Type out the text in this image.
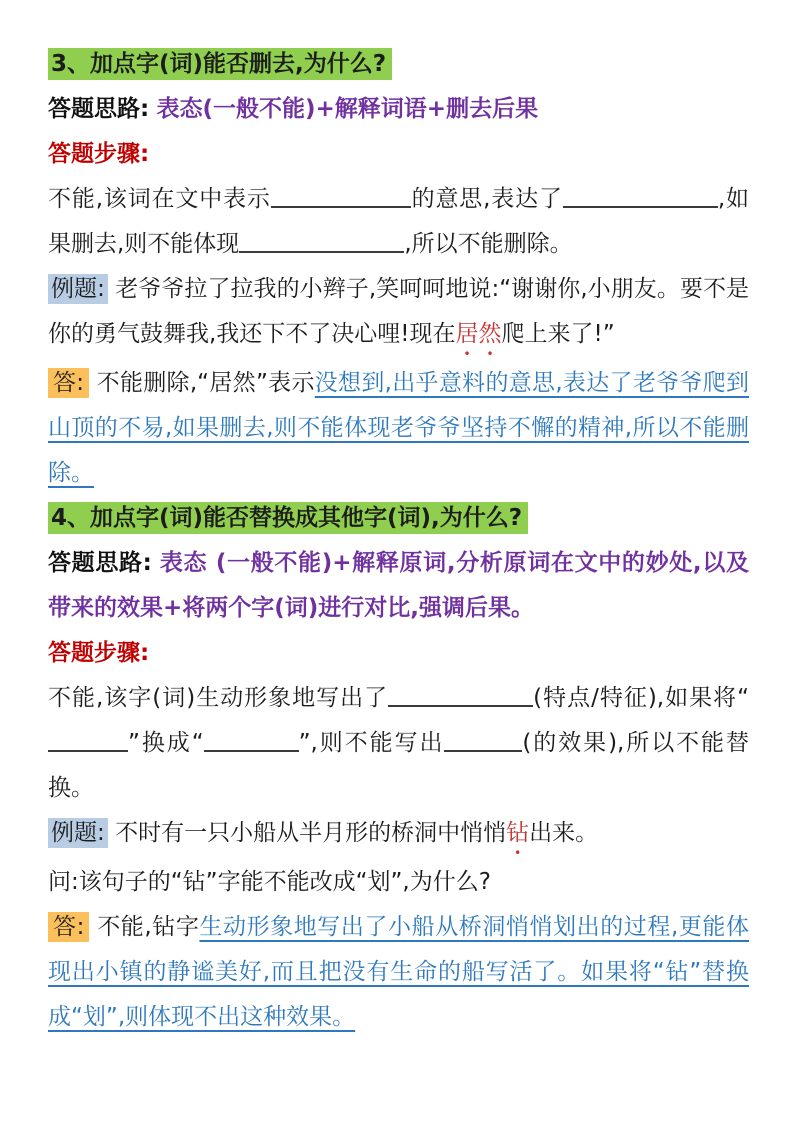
3、加点字(词)能否删去,为什么?

答题思路: 表态(一般不能)+解释词语+删去后果

答题步骤:

不能,该词在文中表示	的意思,表达了	,如果删去,则不能体现	,所以不能删除。

例题: 老爷爷拉了拉我的小辫子,笑呵呵地说:“谢谢你,小朋友。要不是你的勇气鼓舞我,我还下不了决心哩!现在居然爬上来了!”

答: 不能删除,“居然”表示没想到,出乎意料的意思,表达了老爷爷爬到山顶的不易,如果删去,则不能体现老爷爷坚持不懈的精神,所以不能删除。

4、加点字(词)能否替换成其他字(词),为什么?

答题思路: 表态 (一般不能)+解释原词,分析原词在文中的妙处,以及带来的效果+将两个字(词)进行对比,强调后果。

答题步骤:

不能,该字(词)生动形象地写出了	(特点/特征),如果将“”换成“	”,则不能写出	(的效果),所以不能替换。

例题: 不时有一只小船从半月形的桥洞中悄悄钻出来。

问:该句子的“钻”字能不能改成“划”,为什么?

答: 不能,钻字生动形象地写出了小船从桥洞悄悄划出的过程,更能体现出小镇的静谧美好,而且把没有生命的船写活了。如果将“钻”替换成“划”,则体现不出这种效果。
